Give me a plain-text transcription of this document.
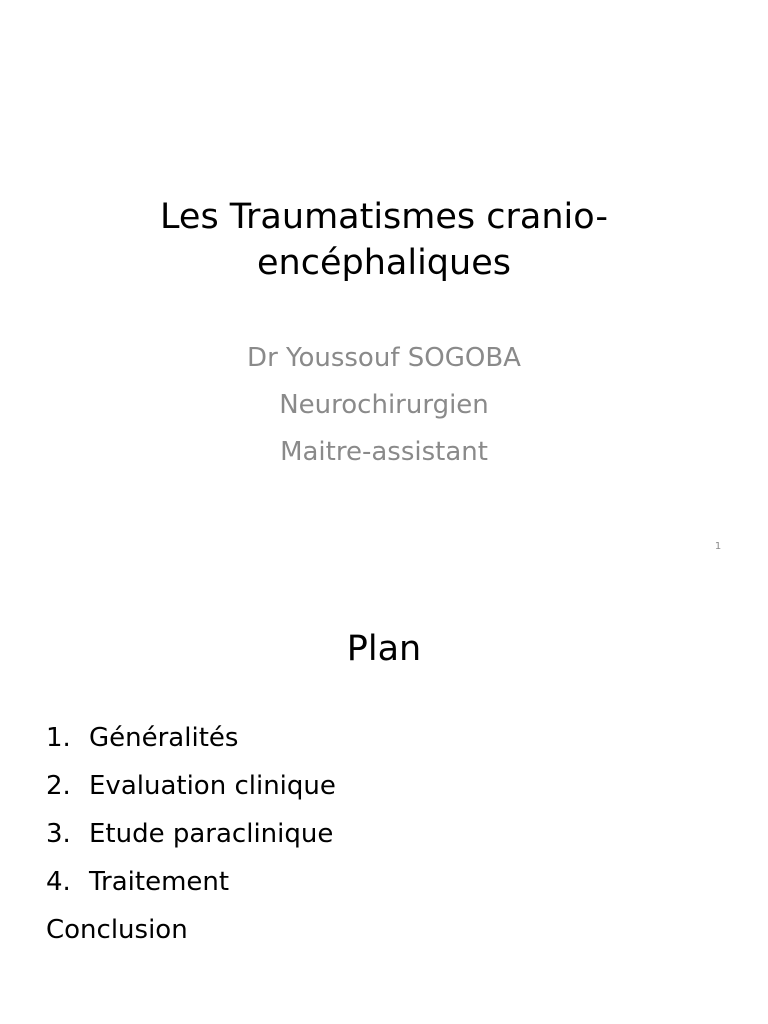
Les Traumatismes cranio-
encéphaliques
Dr Youssouf SOGOBA
Neurochirurgien
Maitre-assistant
1
Plan
1. Généralités
2. Evaluation clinique
3. Etude paraclinique
4. Traitement
Conclusion
